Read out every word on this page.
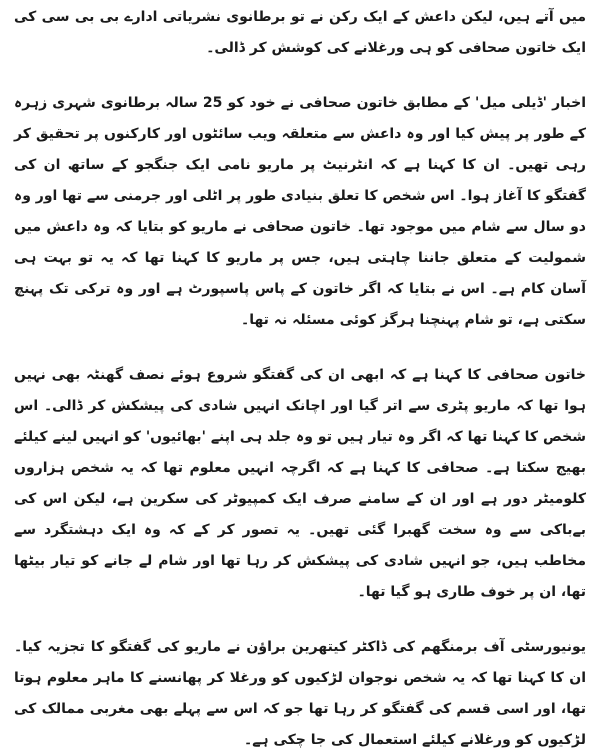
میں آتے ہیں، لیکن داعش کے ایک رکن نے تو برطانوی نشریاتی ادارے بی بی سی کی ایک خاتون صحافی کو ہی ورغلانے کی کوشش کر ڈالی۔

اخبار 'ڈیلی میل' کے مطابق خاتون صحافی نے خود کو 25 سالہ برطانوی شہری زہرہ کے طور پر پیش کیا اور وہ داعش سے متعلقہ ویب سائٹوں اور کارکنوں پر تحقیق کر رہی تھیں۔ ان کا کہنا ہے کہ انٹرنیٹ پر ماریو نامی ایک جنگجو کے ساتھ ان کی گفتگو کا آغاز ہوا۔ اس شخص کا تعلق بنیادی طور پر اٹلی اور جرمنی سے تھا اور وہ دو سال سے شام میں موجود تھا۔ خاتون صحافی نے ماریو کو بتایا کہ وہ داعش میں شمولیت کے متعلق جاننا چاہتی ہیں، جس پر ماریو کا کہنا تھا کہ یہ تو بہت ہی آسان کام ہے۔ اس نے بتایا کہ اگر خاتون کے پاس پاسپورٹ ہے اور وہ ترکی تک پہنچ سکتی ہے، تو شام پہنچنا ہرگز کوئی مسئلہ نہ تھا۔

خاتون صحافی کا کہنا ہے کہ ابھی ان کی گفتگو شروع ہوئے نصف گھنٹہ بھی نہیں ہوا تھا کہ ماریو پٹری سے اتر گیا اور اچانک انہیں شادی کی پیشکش کر ڈالی۔ اس شخص کا کہنا تھا کہ اگر وہ تیار ہیں تو وہ جلد ہی اپنے 'بھائیوں' کو انہیں لینے کیلئے بھیج سکتا ہے۔ صحافی کا کہنا ہے کہ اگرچہ انہیں معلوم تھا کہ یہ شخص ہزاروں کلومیٹر دور ہے اور ان کے سامنے صرف ایک کمپیوٹر کی سکرین ہے، لیکن اس کی بےباکی سے وہ سخت گھبرا گئی تھیں۔ یہ تصور کر کے کہ وہ ایک دہشتگرد سے مخاطب ہیں، جو انہیں شادی کی پیشکش کر رہا تھا اور شام لے جانے کو تیار بیٹھا تھا، ان پر خوف طاری ہو گیا تھا۔

یونیورسٹی آف برمنگھم کی ڈاکٹر کیتھرین براؤن نے ماریو کی گفتگو کا تجزیہ کیا۔ ان کا کہنا تھا کہ یہ شخص نوجوان لڑکیوں کو ورغلا کر پھانسنے کا ماہر معلوم ہوتا تھا، اور اسی قسم کی گفتگو کر رہا تھا جو کہ اس سے پہلے بھی مغربی ممالک کی لڑکیوں کو ورغلانے کیلئے استعمال کی جا چکی ہے۔
